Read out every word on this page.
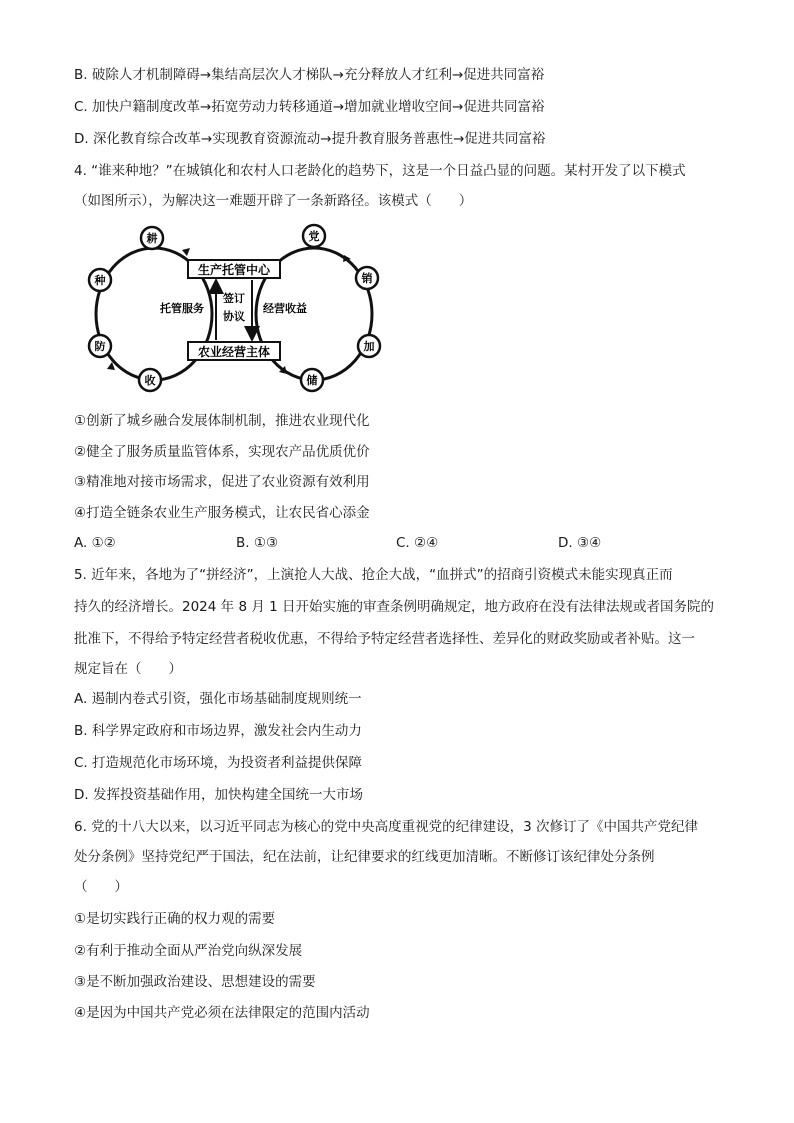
B. 破除人才机制障碍→集结高层次人才梯队→充分释放人才红利→促进共同富裕
C. 加快户籍制度改革→拓宽劳动力转移通道→增加就业增收空间→促进共同富裕
D. 深化教育综合改革→实现教育资源流动→提升教育服务普惠性→促进共同富裕
4. “谁来种地？”在城镇化和农村人口老龄化的趋势下，这是一个日益凸显的问题。某村开发了以下模式
（如图所示），为解决这一难题开辟了一条新路径。该模式（　　）
生产托管中心
农业经营主体
托管服务
签订
协议
经营收益
耕
种
防
收
党
销
加
储
①创新了城乡融合发展体制机制，推进农业现代化
②健全了服务质量监管体系，实现农产品优质优价
③精准地对接市场需求，促进了农业资源有效利用
④打造全链条农业生产服务模式，让农民省心添金
A. ①②	B. ①③	C. ②④	D. ③④
5. 近年来，各地为了“拼经济”，上演抢人大战、抢企大战，“血拼式”的招商引资模式未能实现真正而
持久的经济增长。2024 年 8 月 1 日开始实施的审查条例明确规定，地方政府在没有法律法规或者国务院的
批准下，不得给予特定经营者税收优惠，不得给予特定经营者选择性、差异化的财政奖励或者补贴。这一
规定旨在（　　）
A. 遏制内卷式引资，强化市场基础制度规则统一
B. 科学界定政府和市场边界，激发社会内生动力
C. 打造规范化市场环境，为投资者利益提供保障
D. 发挥投资基础作用，加快构建全国统一大市场
6. 党的十八大以来，以习近平同志为核心的党中央高度重视党的纪律建设，3 次修订了《中国共产党纪律
处分条例》坚持党纪严于国法，纪在法前，让纪律要求的红线更加清晰。不断修订该纪律处分条例
（　　）
①是切实践行正确的权力观的需要
②有利于推动全面从严治党向纵深发展
③是不断加强政治建设、思想建设的需要
④是因为中国共产党必须在法律限定的范围内活动
